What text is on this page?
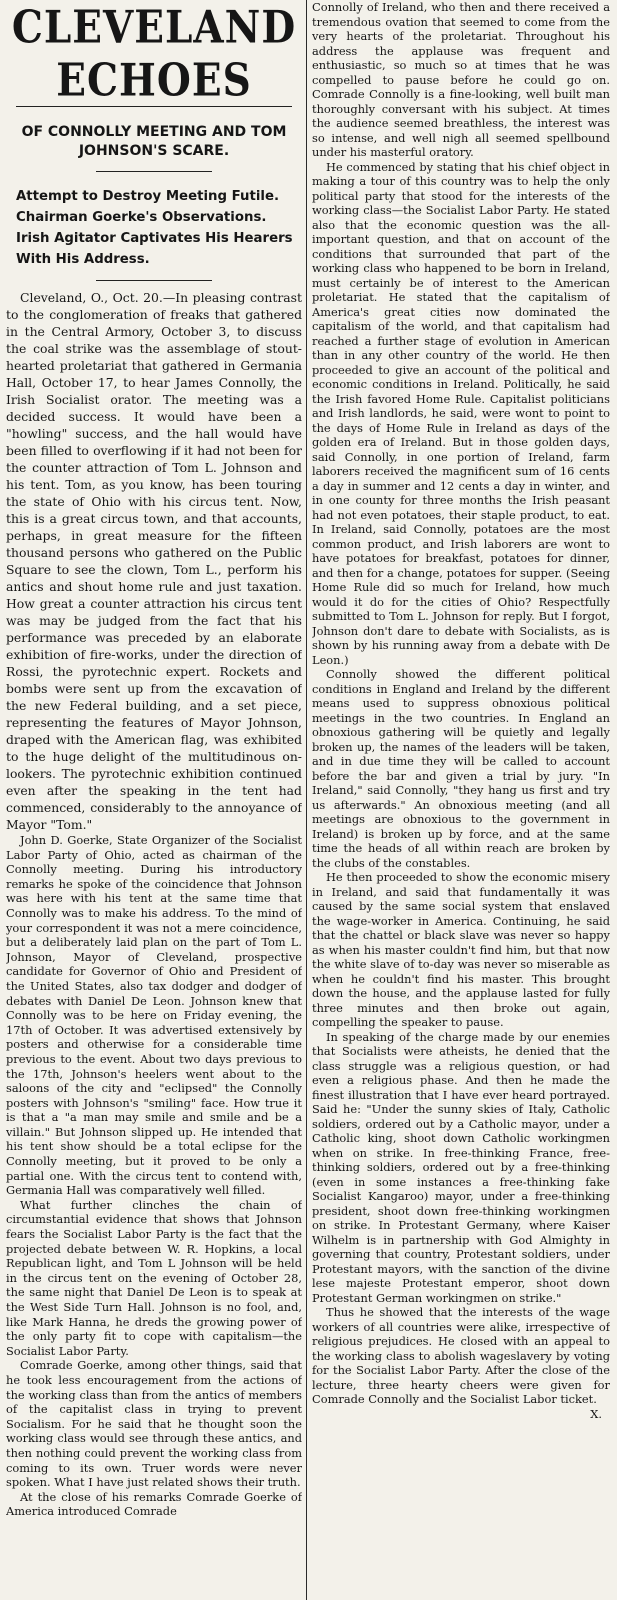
CLEVELAND ECHOES
OF CONNOLLY MEETING AND TOM JOHNSON'S SCARE.
Attempt to Destroy Meeting Futile. Chairman Goerke's Observations. Irish Agitator Captivates His Hearers With His Address.

Cleveland, O., Oct. 20.—In pleasing contrast to the conglomeration of freaks that gathered in the Central Armory, October 3, to discuss the coal strike was the assemblage of stout-hearted proletariat that gathered in Germania Hall, October 17, to hear James Connolly, the Irish Socialist orator. The meeting was a decided success. It would have been a "howling" success, and the hall would have been filled to overflowing if it had not been for the counter attraction of Tom L. Johnson and his tent. Tom, as you know, has been touring the state of Ohio with his circus tent. Now, this is a great circus town, and that accounts, perhaps, in great measure for the fifteen thousand persons who gathered on the Public Square to see the clown, Tom L., perform his antics and shout home rule and just taxation. How great a counter attraction his circus tent was may be judged from the fact that his performance was preceded by an elaborate exhibition of fire-works, under the direction of Rossi, the pyrotechnic expert. Rockets and bombs were sent up from the excavation of the new Federal building, and a set piece, representing the features of Mayor Johnson, draped with the American flag, was exhibited to the huge delight of the multitudinous on-lookers. The pyrotechnic exhibition continued even after the speaking in the tent had commenced, considerably to the annoyance of Mayor "Tom."

John D. Goerke, State Organizer of the Socialist Labor Party of Ohio, acted as chairman of the Connolly meeting. During his introductory remarks he spoke of the coincidence that Johnson was here with his tent at the same time that Connolly was to make his address. To the mind of your correspondent it was not a mere coincidence, but a deliberately laid plan on the part of Tom L. Johnson, Mayor of Cleveland, prospective candidate for Governor of Ohio and President of the United States, also tax dodger and dodger of debates with Daniel De Leon. Johnson knew that Connolly was to be here on Friday evening, the 17th of October. It was advertised extensively by posters and otherwise for a considerable time previous to the event. About two days previous to the 17th, Johnson's heelers went about to the saloons of the city and "eclipsed" the Connolly posters with Johnson's "smiling" face. How true it is that a "a man may smile and smile and be a villain." But Johnson slipped up. He intended that his tent show should be a total eclipse for the Connolly meeting, but it proved to be only a partial one. With the circus tent to contend with, Germania Hall was comparatively well filled.

What further clinches the chain of circumstantial evidence that shows that Johnson fears the Socialist Labor Party is the fact that the projected debate between W. R. Hopkins, a local Republican light, and Tom L Johnson will be held in the circus tent on the evening of October 28, the same night that Daniel De Leon is to speak at the West Side Turn Hall. Johnson is no fool, and, like Mark Hanna, he dreds the growing power of the only party fit to cope with capitalism—the Socialist Labor Party.

Comrade Goerke, among other things, said that he took less encouragement from the actions of the working class than from the antics of members of the capitalist class in trying to prevent Socialism. For he said that he thought soon the working class would see through these antics, and then nothing could prevent the working class from coming to its own. Truer words were never spoken. What I have just related shows their truth.

At the close of his remarks Comrade Goerke of America introduced Comrade

Connolly of Ireland, who then and there received a tremendous ovation that seemed to come from the very hearts of the proletariat. Throughout his address the applause was frequent and enthusiastic, so much so at times that he was compelled to pause before he could go on. Comrade Connolly is a fine-looking, well built man thoroughly conversant with his subject. At times the audience seemed breathless, the interest was so intense, and well nigh all seemed spellbound under his masterful oratory.

He commenced by stating that his chief object in making a tour of this country was to help the only political party that stood for the interests of the working class—the Socialist Labor Party. He stated also that the economic question was the all-important question, and that on account of the conditions that surrounded that part of the working class who happened to be born in Ireland, must certainly be of interest to the American proletariat. He stated that the capitalism of America's great cities now dominated the capitalism of the world, and that capitalism had reached a further stage of evolution in American than in any other country of the world. He then proceeded to give an account of the political and economic conditions in Ireland. Politically, he said the Irish favored Home Rule. Capitalist politicians and Irish landlords, he said, were wont to point to the days of Home Rule in Ireland as days of the golden era of Ireland. But in those golden days, said Connolly, in one portion of Ireland, farm laborers received the magnificent sum of 16 cents a day in summer and 12 cents a day in winter, and in one county for three months the Irish peasant had not even potatoes, their staple product, to eat. In Ireland, said Connolly, potatoes are the most common product, and Irish laborers are wont to have potatoes for breakfast, potatoes for dinner, and then for a change, potatoes for supper. (Seeing Home Rule did so much for Ireland, how much would it do for the cities of Ohio? Respectfully submitted to Tom L. Johnson for reply. But I forgot, Johnson don't dare to debate with Socialists, as is shown by his running away from a debate with De Leon.)

Connolly showed the different political conditions in England and Ireland by the different means used to suppress obnoxious political meetings in the two countries. In England an obnoxious gathering will be quietly and legally broken up, the names of the leaders will be taken, and in due time they will be called to account before the bar and given a trial by jury. "In Ireland," said Connolly, "they hang us first and try us afterwards." An obnoxious meeting (and all meetings are obnoxious to the government in Ireland) is broken up by force, and at the same time the heads of all within reach are broken by the clubs of the constables.

He then proceeded to show the economic misery in Ireland, and said that fundamentally it was caused by the same social system that enslaved the wage-worker in America. Continuing, he said that the chattel or black slave was never so happy as when his master couldn't find him, but that now the white slave of to-day was never so miserable as when he couldn't find his master. This brought down the house, and the applause lasted for fully three minutes and then broke out again, compelling the speaker to pause.

In speaking of the charge made by our enemies that Socialists were atheists, he denied that the class struggle was a religious question, or had even a religious phase. And then he made the finest illustration that I have ever heard portrayed. Said he: "Under the sunny skies of Italy, Catholic soldiers, ordered out by a Catholic mayor, under a Catholic king, shoot down Catholic workingmen when on strike. In free-thinking France, free-thinking soldiers, ordered out by a free-thinking (even in some instances a free-thinking fake Socialist Kangaroo) mayor, under a free-thinking president, shoot down free-thinking workingmen on strike. In Protestant Germany, where Kaiser Wilhelm is in partnership with God Almighty in governing that country, Protestant soldiers, under Protestant mayors, with the sanction of the divine lese majeste Protestant emperor, shoot down Protestant German workingmen on strike."

Thus he showed that the interests of the wage workers of all countries were alike, irrespective of religious prejudices. He closed with an appeal to the working class to abolish wageslavery by voting for the Socialist Labor Party. After the close of the lecture, three hearty cheers were given for Comrade Connolly and the Socialist Labor ticket.

X.
